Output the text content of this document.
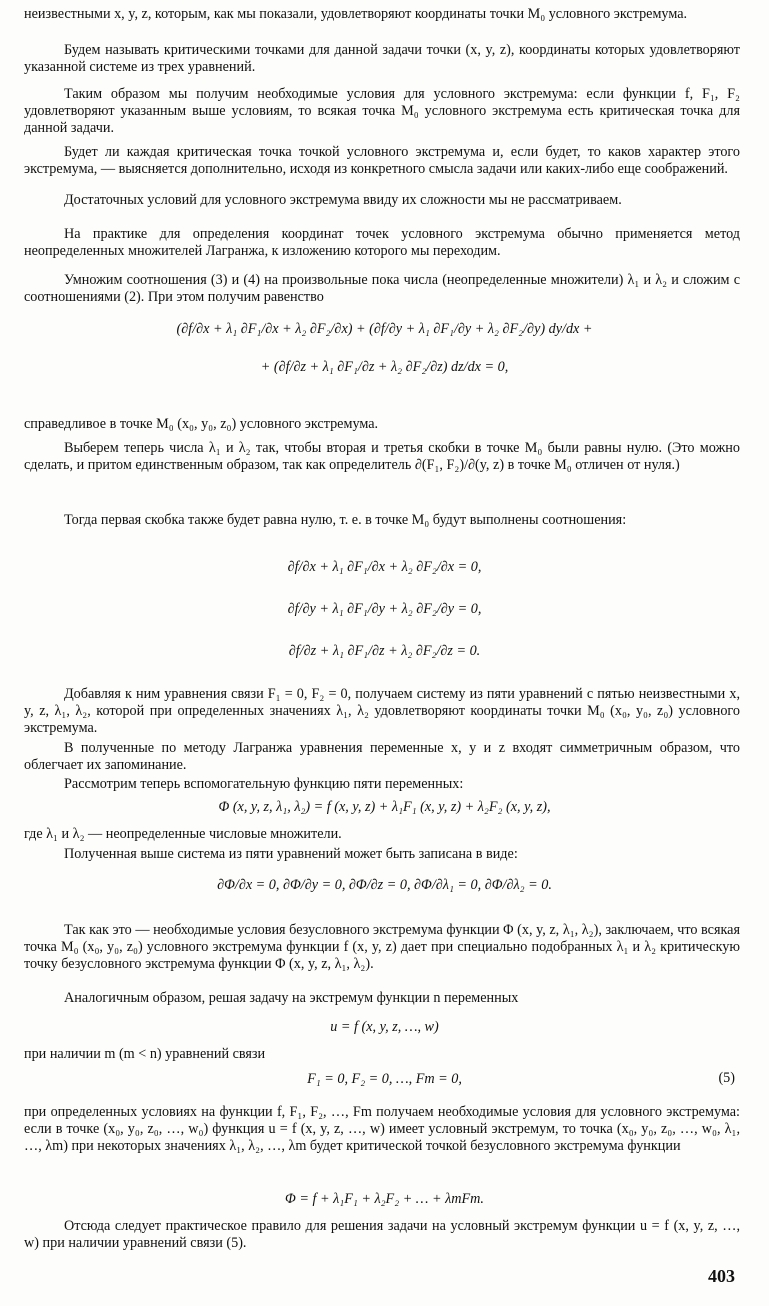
неизвестными x, y, z, которым, как мы показали, удовлетворяют координаты точки M₀ условного экстремума.
Будем называть критическими точками для данной задачи точки (x, y, z), координаты которых удовлетворяют указанной системе из трех уравнений.
Таким образом мы получим необходимые условия для условного экстремума: если функции f, F₁, F₂ удовлетворяют указанным выше условиям, то всякая точка M₀ условного экстремума есть критическая точка для данной задачи.
Будет ли каждая критическая точка точкой условного экстремума и, если будет, то каков характер этого экстремума, — выясняется дополнительно, исходя из конкретного смысла задачи или каких-либо еще соображений.
Достаточных условий для условного экстремума ввиду их сложности мы не рассматриваем.
На практике для определения координат точек условного экстремума обычно применяется метод неопределенных множителей Лагранжа, к изложению которого мы переходим.
Умножим соотношения (3) и (4) на произвольные пока числа (неопределенные множители) λ₁ и λ₂ и сложим с соотношениями (2). При этом получим равенство
(∂f/∂x + λ₁ ∂F₁/∂x + λ₂ ∂F₂/∂x) + (∂f/∂y + λ₁ ∂F₁/∂y + λ₂ ∂F₂/∂y) dy/dx +
+ (∂f/∂z + λ₁ ∂F₁/∂z + λ₂ ∂F₂/∂z) dz/dx = 0,
справедливое в точке M₀ (x₀, y₀, z₀) условного экстремума.
Выберем теперь числа λ₁ и λ₂ так, чтобы вторая и третья скобки в точке M₀ были равны нулю. (Это можно сделать, и притом единственным образом, так как определитель ∂(F₁, F₂)/∂(y, z) в точке M₀ отличен от нуля.)
Тогда первая скобка также будет равна нулю, т. е. в точке M₀ будут выполнены соотношения:
∂f/∂x + λ₁ ∂F₁/∂x + λ₂ ∂F₂/∂x = 0,
∂f/∂y + λ₁ ∂F₁/∂y + λ₂ ∂F₂/∂y = 0,
∂f/∂z + λ₁ ∂F₁/∂z + λ₂ ∂F₂/∂z = 0.
Добавляя к ним уравнения связи F₁ = 0, F₂ = 0, получаем систему из пяти уравнений с пятью неизвестными x, y, z, λ₁, λ₂, которой при определенных значениях λ₁, λ₂ удовлетворяют координаты точки M₀ (x₀, y₀, z₀) условного экстремума.
В полученные по методу Лагранжа уравнения переменные x, y и z входят симметричным образом, что облегчает их запоминание.
Рассмотрим теперь вспомогательную функцию пяти переменных:
Φ (x, y, z, λ₁, λ₂) = f (x, y, z) + λ₁F₁ (x, y, z) + λ₂F₂ (x, y, z),
где λ₁ и λ₂ — неопределенные числовые множители.
Полученная выше система из пяти уравнений может быть записана в виде:
∂Φ/∂x = 0, ∂Φ/∂y = 0, ∂Φ/∂z = 0, ∂Φ/∂λ₁ = 0, ∂Φ/∂λ₂ = 0.
Так как это — необходимые условия безусловного экстремума функции Φ (x, y, z, λ₁, λ₂), заключаем, что всякая точка M₀ (x₀, y₀, z₀) условного экстремума функции f (x, y, z) дает при специально подобранных λ₁ и λ₂ критическую точку безусловного экстремума функции Φ (x, y, z, λ₁, λ₂).
Аналогичным образом, решая задачу на экстремум функции n переменных
u = f (x, y, z, …, w)
при наличии m (m < n) уравнений связи
F₁ = 0, F₂ = 0, …, Fm = 0,	(5)
при определенных условиях на функции f, F₁, F₂, …, Fm получаем необходимые условия для условного экстремума: если в точке (x₀, y₀, z₀, …, w₀) функция u = f (x, y, z, …, w) имеет условный экстремум, то точка (x₀, y₀, z₀, …, w₀, λ₁, …, λm) при некоторых значениях λ₁, λ₂, …, λm будет критической точкой безусловного экстремума функции
Φ = f + λ₁F₁ + λ₂F₂ + … + λmFm.
Отсюда следует практическое правило для решения задачи на условный экстремум функции u = f (x, y, z, …, w) при наличии уравнений связи (5).
403
